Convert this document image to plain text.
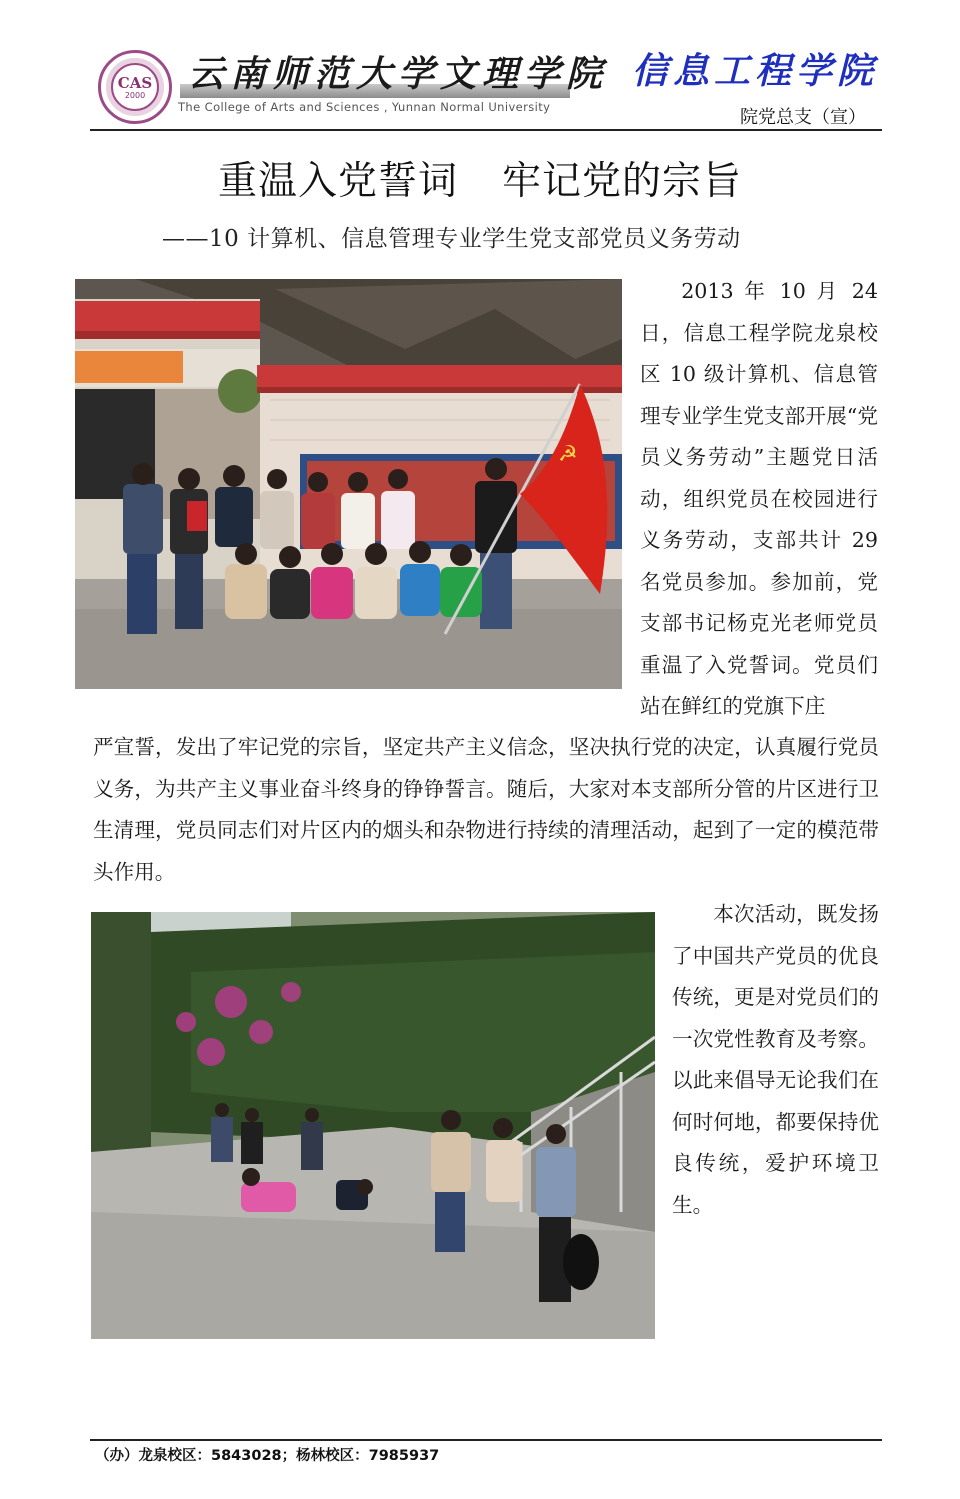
CAS
2000 云南师范大学文理学院
The College of Arts and Sciences , Yunnan Normal University
信息工程学院
院党总支（宣）
重温入党誓词 牢记党的宗旨
——10 计算机、信息管理专业学生党支部党员义务劳动
☭

2013 年 10 月 24 日，信息工程学院龙泉校区 10 级计算机、信息管理专业学生党支部开展“党员义务劳动”主题党日活动，组织党员在校园进行义务劳动，支部共计 29 名党员参加。参加前，党支部书记杨克光老师党员重温了入党誓词。党员们站在鲜红的党旗下庄

严宣誓，发出了牢记党的宗旨，坚定共产主义信念，坚决执行党的决定，认真履行党员义务，为共产主义事业奋斗终身的铮铮誓言。随后，大家对本支部所分管的片区进行卫生清理，党员同志们对片区内的烟头和杂物进行持续的清理活动，起到了一定的模范带头作用。

本次活动，既发扬了中国共产党员的优良传统，更是对党员们的一次党性教育及考察。以此来倡导无论我们在何时何地，都要保持优良传统，爱护环境卫生。

（办）龙泉校区：5843028；杨林校区：7985937
